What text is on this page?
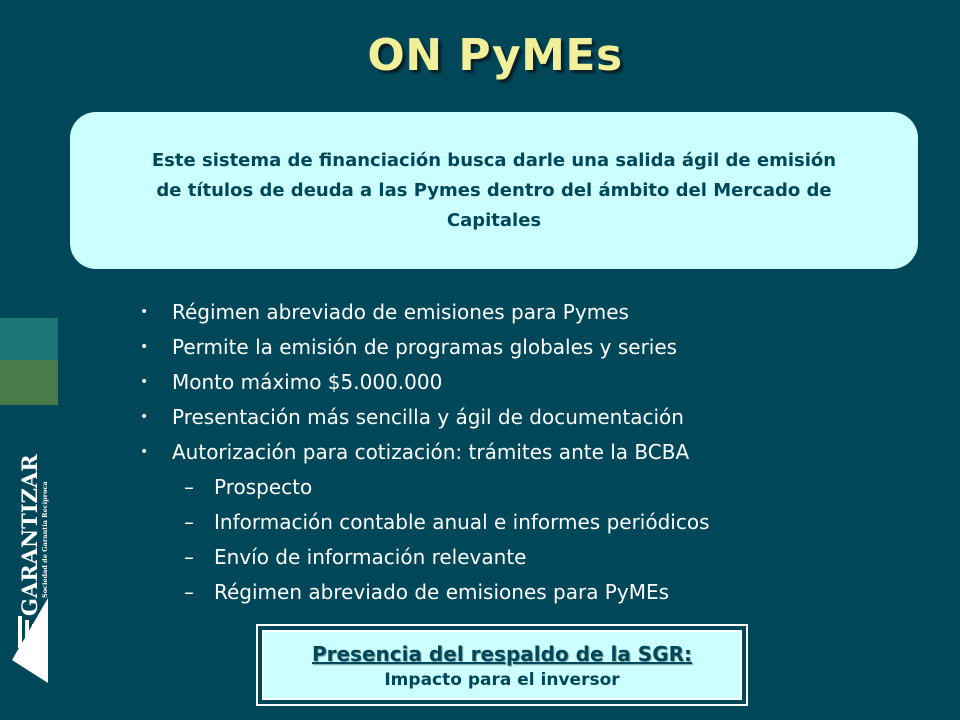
ON PyMEs
Este sistema de financiación busca darle una salida ágil de emisión de títulos de deuda a las Pymes dentro del ámbito del Mercado de Capitales
GARANTIZAR Sociedad de Garantía Recíproca
•	Régimen abreviado de emisiones para Pymes
•	Permite la emisión de programas globales y series
•	Monto máximo $5.000.000
•	Presentación más sencilla y ágil de documentación
•	Autorización para cotización: trámites ante la BCBA
–	Prospecto
–	Información contable anual e informes periódicos
–	Envío de información relevante
–	Régimen abreviado de emisiones para PyMEs
Presencia del respaldo de la SGR:
Impacto para el inversor
